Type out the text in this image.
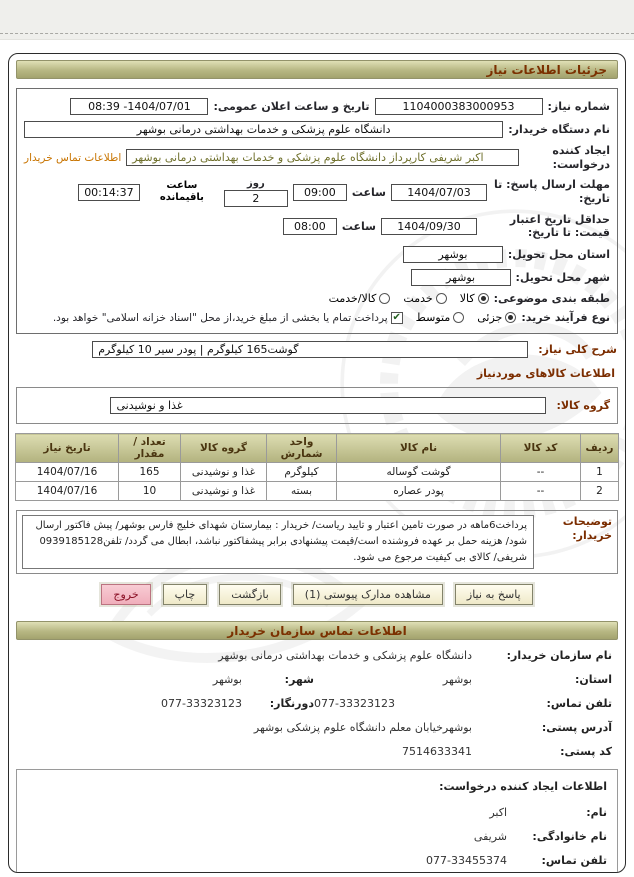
جزئیات اطلاعات نیاز
شماره نیاز:
1104000383000953
تاریخ و ساعت اعلان عمومی:
08:39 -1404/07/01
نام دستگاه خریدار:
دانشگاه علوم پزشکی و خدمات بهداشتی درمانی بوشهر
ایجاد کننده درخواست:
اکبر شریفی کارپرداز دانشگاه علوم پزشکی و خدمات بهداشتی درمانی بوشهر
اطلاعات تماس خریدار
مهلت ارسال پاسخ: تا تاریخ:
1404/07/03
ساعت
09:00
روز
2
ساعت باقیمانده
00:14:37
حداقل تاریخ اعتبار قیمت: تا تاریخ:
1404/09/30
ساعت
08:00
استان محل تحویل:
بوشهر
شهر محل تحویل:
بوشهر
طبقه بندی موضوعی:
کالا
خدمت
کالا/خدمت
نوع فرآیند خرید:
جزئی
متوسط
✔
پرداخت تمام یا بخشی از مبلغ خرید،از محل "اسناد خزانه اسلامی" خواهد بود.
شرح کلی نیاز:
گوشت165 کیلوگرم | پودر سیر 10 کیلوگرم
اطلاعات کالاهای موردنیاز
گروه کالا:
غذا و نوشیدنی
ردیف	کد کالا	نام کالا	واحد شمارش	گروه کالا	تعداد / مقدار	تاریخ نیاز
1	--	گوشت گوساله	کیلوگرم	غذا و نوشیدنی	165	1404/07/16
2	--	پودر عصاره	بسته	غذا و نوشیدنی	10	1404/07/16
توضیحات خریدار:
پرداخت6ماهه در صورت تامین اعتبار و تایید ریاست/ خریدار : بیمارستان شهدای خلیج فارس بوشهر/ پیش فاکتور ارسال شود/ هزینه حمل بر عهده فروشنده است/قیمت پیشنهادی برابر پیشفاکتور نباشد، ابطال می گردد/ تلفن0939185128 شریفی/ کالای بی کیفیت مرجوع می شود.
پاسخ به نیاز
مشاهده مدارک پیوستی (1)
بازگشت
چاپ
خروج
اطلاعات تماس سازمان خریدار
نام سازمان خریدار:
دانشگاه علوم پزشکی و خدمات بهداشتی درمانی بوشهر
استان:
بوشهر
شهر:
بوشهر
تلفن تماس:
077-33323123
دورنگار:
077-33323123
آدرس پستی:
بوشهرخیابان معلم دانشگاه علوم پزشکی بوشهر
کد پستی:
7514633341
اطلاعات ایجاد کننده درخواست:
نام:
اکبر
نام خانوادگی:
شریفی
تلفن تماس:
077-33455374
